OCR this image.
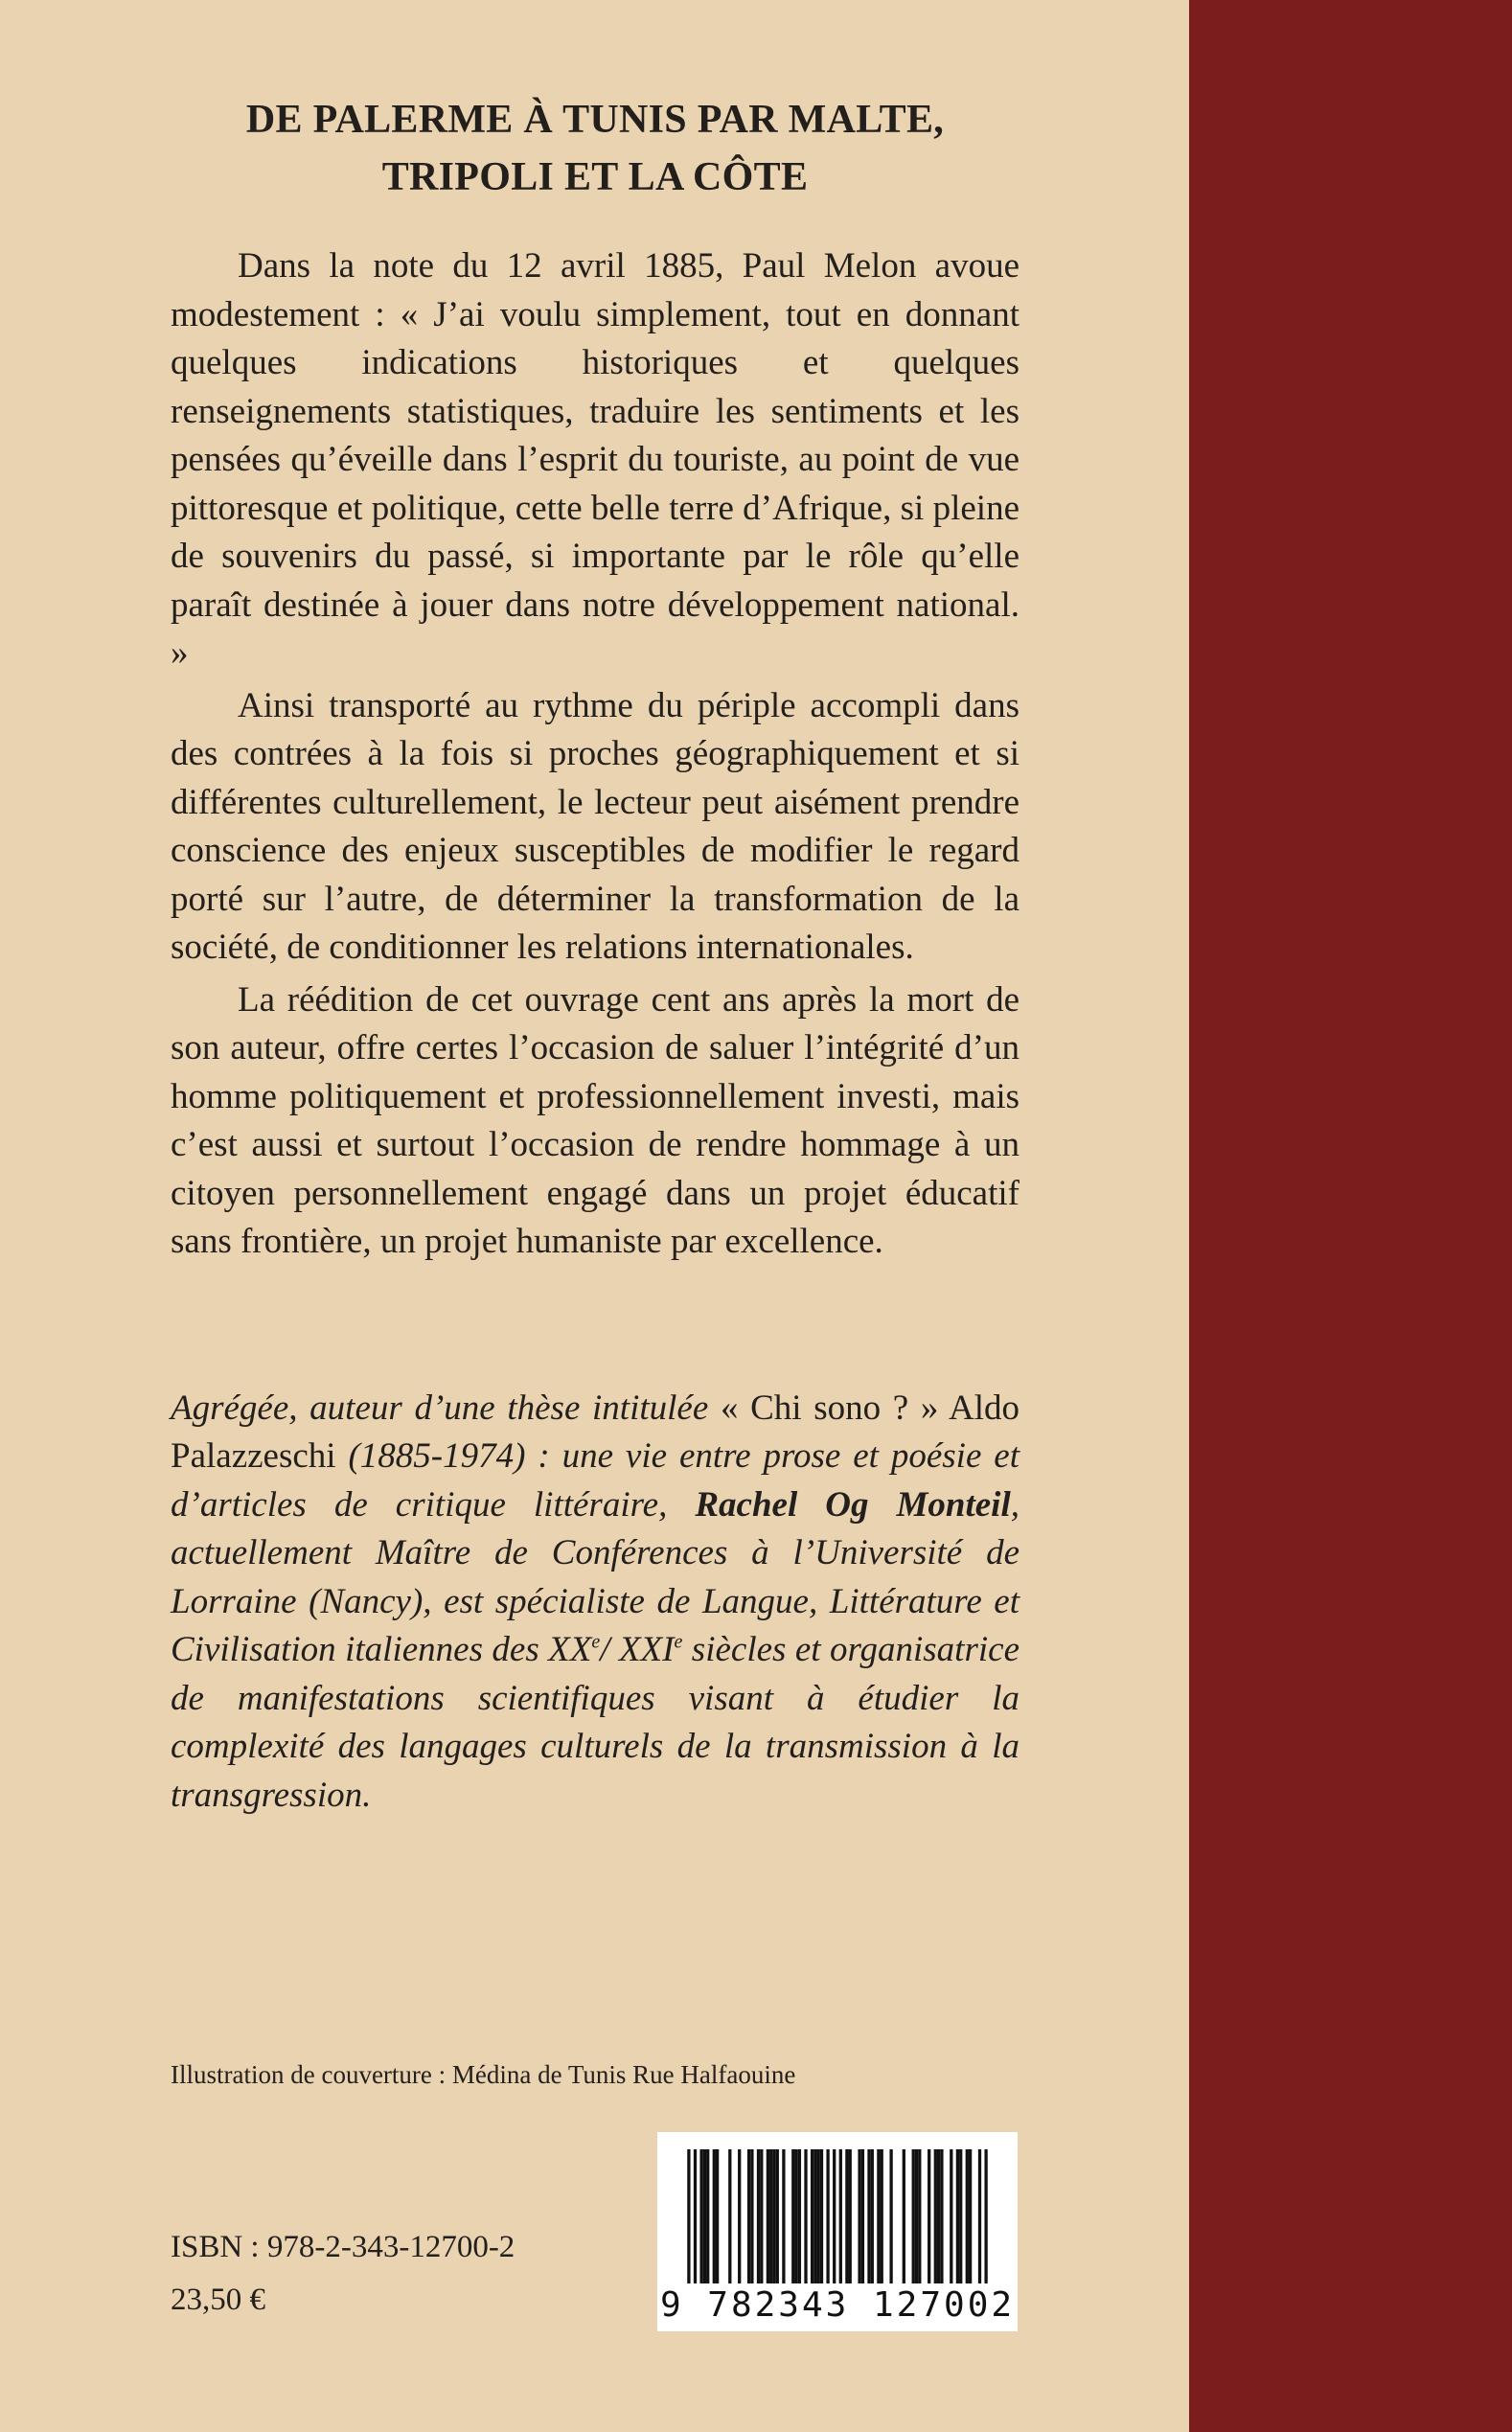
DE PALERME À TUNIS PAR MALTE,
TRIPOLI ET LA CÔTE

Dans la note du 12 avril 1885, Paul Melon avoue modestement : « J’ai voulu simplement, tout en donnant quelques indications historiques et quelques renseignements statistiques, traduire les sentiments et les pensées qu’éveille dans l’esprit du touriste, au point de vue pittoresque et politique, cette belle terre d’Afrique, si pleine de souvenirs du passé, si importante par le rôle qu’elle paraît destinée à jouer dans notre développement national. »

Ainsi transporté au rythme du périple accompli dans des contrées à la fois si proches géographiquement et si différentes culturellement, le lecteur peut aisément prendre conscience des enjeux susceptibles de modifier le regard porté sur l’autre, de déterminer la transformation de la société, de conditionner les relations internationales.

La réédition de cet ouvrage cent ans après la mort de son auteur, offre certes l’occasion de saluer l’intégrité d’un homme politiquement et professionnellement investi, mais c’est aussi et surtout l’occasion de rendre hommage à un citoyen personnellement engagé dans un projet éducatif sans frontière, un projet humaniste par excellence.

Agrégée, auteur d’une thèse intitulée « Chi sono ? » Aldo Palazzeschi (1885-1974) : une vie entre prose et poésie et d’articles de critique littéraire, Rachel Og Monteil, actuellement Maître de Conférences à l’Université de Lorraine (Nancy), est spécialiste de Langue, Littérature et Civilisation italiennes des XXe/ XXIe siècles et organisatrice de manifestations scientifiques visant à étudier la complexité des langages culturels de la transmission à la transgression.

Illustration de couverture : Médina de Tunis Rue Halfaouine
ISBN : 978-2-343-12700-2
23,50 €	9 782343 127002
